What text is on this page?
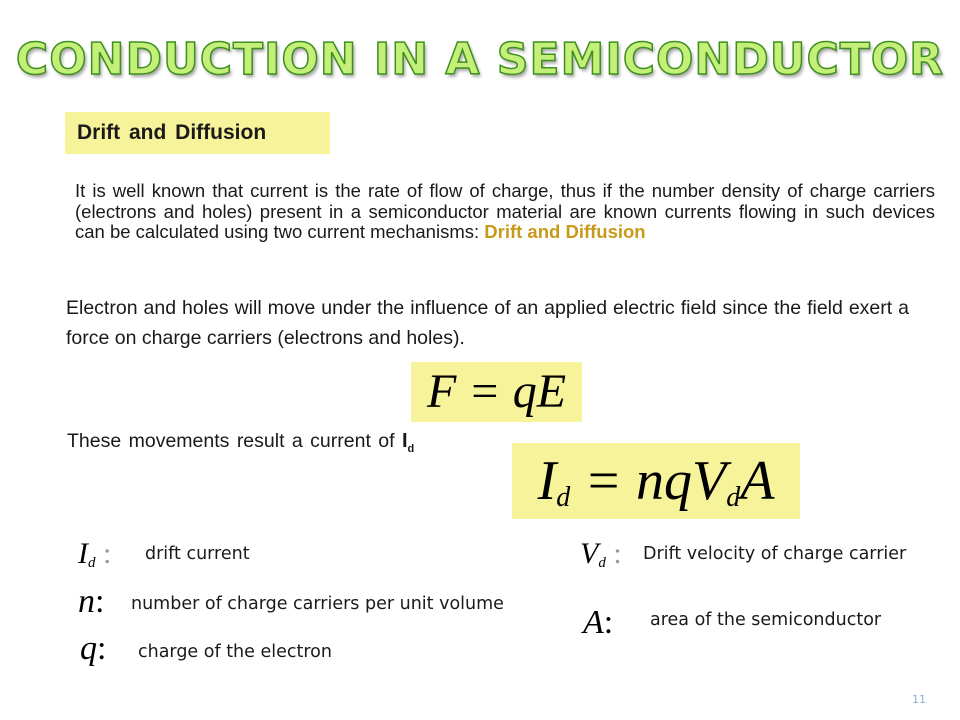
CONDUCTION IN A SEMICONDUCTOR
Drift and Diffusion
It is well known that current is the rate of flow of charge, thus if the number density of charge carriers (electrons and holes) present in a semiconductor material are known currents flowing in such devices can be calculated using two current mechanisms: Drift and Diffusion
Electron and holes will move under the influence of an applied electric field since the field exert a force on charge carriers (electrons and holes).
F = qE
These movements result a current of $I_d$
$I_d = nqV_dA$
$I_d$ : drift current
n: number of charge carriers per unit volume
q: charge of the electron
$V_d$ : Drift velocity of charge carrier
A: area of the semiconductor
11
